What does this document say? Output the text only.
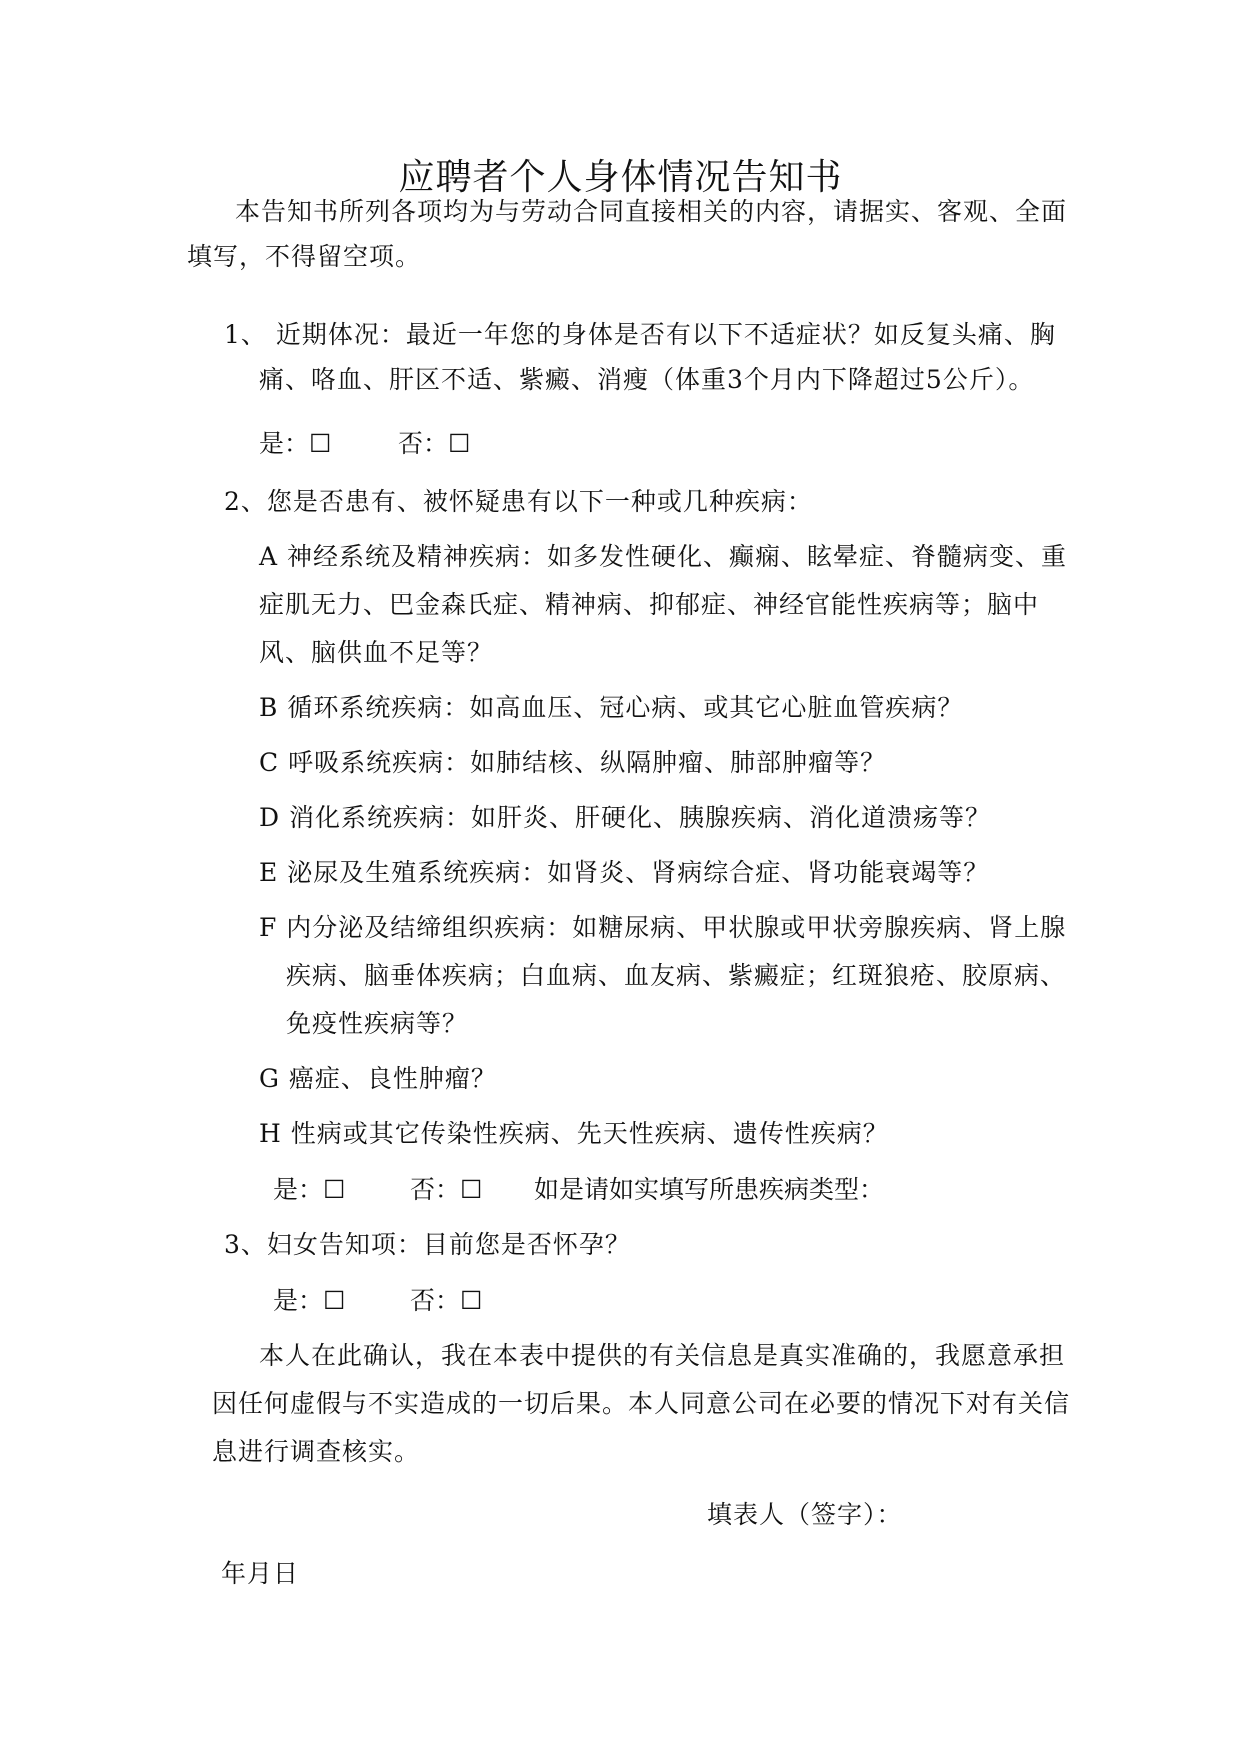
应聘者个人身体情况告知书
本告知书所列各项均为与劳动合同直接相关的内容，请据实、客观、全面
填写，不得留空项。
1、 近期体况：最近一年您的身体是否有以下不适症状？如反复头痛、胸
痛、咯血、肝区不适、紫癜、消瘦（体重3个月内下降超过5公斤）。
是：☐	否：☐
2、您是否患有、被怀疑患有以下一种或几种疾病：
A 神经系统及精神疾病：如多发性硬化、癫痫、眩晕症、脊髓病变、重
症肌无力、巴金森氏症、精神病、抑郁症、神经官能性疾病等；脑中
风、脑供血不足等？
B 循环系统疾病：如高血压、冠心病、或其它心脏血管疾病？
C 呼吸系统疾病：如肺结核、纵隔肿瘤、肺部肿瘤等？
D 消化系统疾病：如肝炎、肝硬化、胰腺疾病、消化道溃疡等？
E 泌尿及生殖系统疾病：如肾炎、肾病综合症、肾功能衰竭等？
F 内分泌及结缔组织疾病：如糖尿病、甲状腺或甲状旁腺疾病、肾上腺
疾病、脑垂体疾病；白血病、血友病、紫癜症；红斑狼疮、胶原病、
免疫性疾病等？
G 癌症、良性肿瘤？
H 性病或其它传染性疾病、先天性疾病、遗传性疾病？
是：☐	否：☐ 如是请如实填写所患疾病类型：
3、妇女告知项：目前您是否怀孕？
是：☐	否：☐
本人在此确认，我在本表中提供的有关信息是真实准确的，我愿意承担
因任何虚假与不实造成的一切后果。本人同意公司在必要的情况下对有关信
息进行调查核实。
填表人（签字）：
年月日
